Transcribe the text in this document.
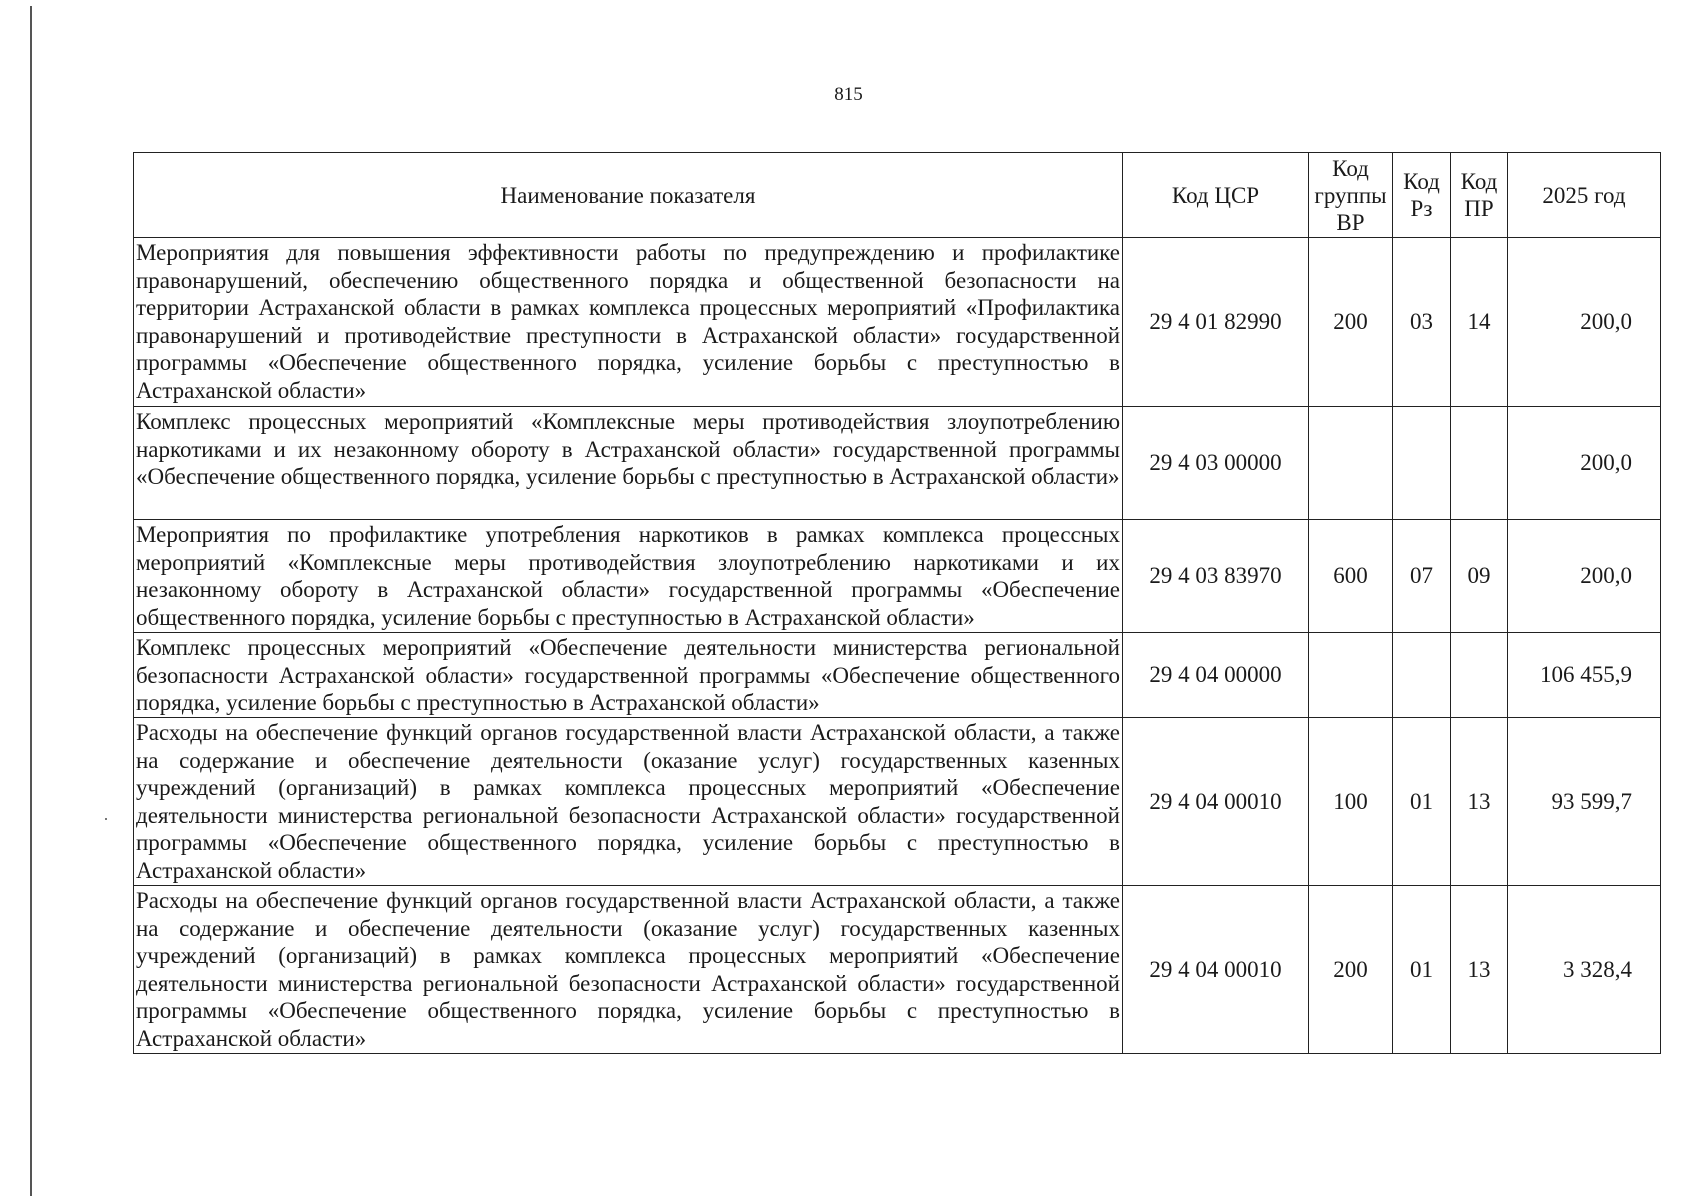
815
Наименование показателя	Код ЦСР	Код группы ВР	Код Рз	Код ПР	2025 год

Мероприятия для повышения эффективности работы по предупреждению и профилактике правонарушений, обеспечению общественного порядка и общественной безопасности на территории Астраханской области в рамках комплекса процессных мероприятий «Профилактика правонарушений и противодействие преступности в Астраханской области» государственной программы «Обеспечение общественного порядка, усиление борьбы с преступностью в Астраханской области»	29 4 01 82990	200	03	14	200,0

Комплекс процессных мероприятий «Комплексные меры противодействия злоупотреблению наркотиками и их незаконному обороту в Астраханской области» государственной программы «Обеспечение общественного порядка, усиление борьбы с преступностью в Астраханской области»	29 4 03 00000				200,0

Мероприятия по профилактике употребления наркотиков в рамках комплекса процессных мероприятий «Комплексные меры противодействия злоупотреблению наркотиками и их незаконному обороту в Астраханской области» государственной программы «Обеспечение общественного порядка, усиление борьбы с преступностью в Астраханской области»	29 4 03 83970	600	07	09	200,0

Комплекс процессных мероприятий «Обеспечение деятельности министерства региональной безопасности Астраханской области» государственной программы «Обеспечение общественного порядка, усиление борьбы с преступностью в Астраханской области»	29 4 04 00000				106 455,9

Расходы на обеспечение функций органов государственной власти Астраханской области, а также на содержание и обеспечение деятельности (оказание услуг) государственных казенных учреждений (организаций) в рамках комплекса процессных мероприятий «Обеспечение деятельности министерства региональной безопасности Астраханской области» государственной программы «Обеспечение общественного порядка, усиление борьбы с преступностью в Астраханской области»	29 4 04 00010	100	01	13	93 599,7

Расходы на обеспечение функций органов государственной власти Астраханской области, а также на содержание и обеспечение деятельности (оказание услуг) государственных казенных учреждений (организаций) в рамках комплекса процессных мероприятий «Обеспечение деятельности министерства региональной безопасности Астраханской области» государственной программы «Обеспечение общественного порядка, усиление борьбы с преступностью в Астраханской области»	29 4 04 00010	200	01	13	3 328,4
